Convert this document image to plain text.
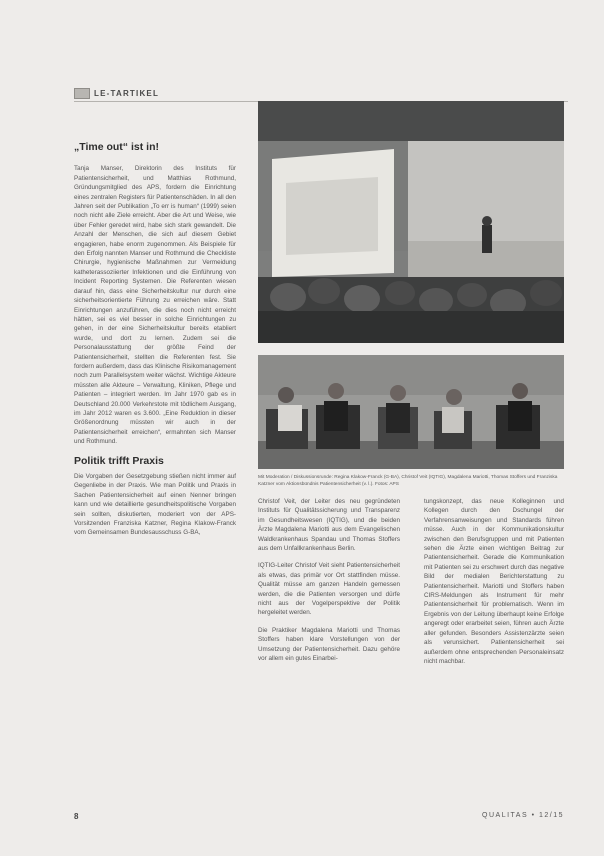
LE-TARTIKEL
„Time out“ ist in!

Tanja Manser, Direktorin des Instituts für Patientensicherheit, und Matthias Rothmund, Gründungsmitglied des APS, fordern die Einrichtung eines zentralen Registers für Patientenschäden. In all den Jahren seit der Publikation „To err is human“ (1999) seien noch nicht alle Ziele erreicht. Aber die Art und Weise, wie über Fehler geredet wird, habe sich stark gewandelt. Die Anzahl der Menschen, die sich auf diesem Gebiet engagieren, habe enorm zugenommen. Als Beispiele für den Erfolg nannten Manser und Rothmund die Checkliste Chirurgie, hygienische Maßnahmen zur Vermeidung katheterassoziierter Infektionen und die Einführung von Incident Reporting Systemen. Die Referenten wiesen darauf hin, dass eine Sicherheitskultur nur durch eine sicherheitsorientierte Führung zu erreichen wäre. Statt Einrichtungen anzuführen, die dies noch nicht erreicht hätten, sei es viel besser in solche Einrichtungen zu gehen, in der eine Sicherheitskultur bereits etabliert wurde, und dort zu lernen. Zudem sei die Personalausstattung der größte Feind der Patientensicherheit, stellten die Referenten fest. Sie fordern außerdem, dass das Klinische Risikomanagement noch zum Parallelsystem weiter wächst. Wichtige Akteure müssten alle Akteure – Verwaltung, Kliniken, Pflege und Patienten – integriert werden. Im Jahr 1970 gab es in Deutschland 20.000 Verkehrstote mit tödlichem Ausgang, im Jahr 2012 waren es 3.600. „Eine Reduktion in dieser Größenordnung müssten wir auch in der Patientensicherheit erreichen“, ermahnten sich Manser und Rothmund.

Politik trifft Praxis

Die Vorgaben der Gesetzgebung stießen nicht immer auf Gegenliebe in der Praxis. Wie man Politik und Praxis in Sachen Patientensicherheit auf einen Nenner bringen kann und wie detaillierte gesundheitspolitische Vorgaben sein sollten, diskutierten, moderiert von der APS-Vorsitzenden Franziska Katzner, Regina Klakow-Franck vom Gemeinsamen Bundesausschuss G-BA,

Mit Moderation / Diskussionsrunde: Regina Klakow-Franck (G-BA), Christof Veit (IQTIG), Magdalena Mariotti, Thomas Stoffers und Franziska Katzner vom Aktionsbündnis Patientensicherheit (v. l.). Fotos: APS

Christof Veit, der Leiter des neu gegründeten Instituts für Qualitätssicherung und Transparenz im Gesundheitswesen (IQTIG), und die beiden Ärzte Magdalena Mariotti aus dem Evangelischen Waldkrankenhaus Spandau und Thomas Stoffers aus dem Unfallkrankenhaus Berlin.

IQTIG-Leiter Christof Veit sieht Patientensicherheit als etwas, das primär vor Ort stattfinden müsse. Qualität müsse am ganzen Handeln gemessen werden, die die Patienten versorgen und dürfe nicht aus der Vogelperspektive der Politik hergeleitet werden.

Die Praktiker Magdalena Mariotti und Thomas Stoffers haben klare Vorstellungen von der Umsetzung der Patientensicherheit. Dazu gehöre vor allem ein gutes Einarbei-

tungskonzept, das neue Kolleginnen und Kollegen durch den Dschungel der Verfahrensanweisungen und Standards führen müsse. Auch in der Kommunikationskultur zwischen den Berufsgruppen und mit Patienten sehen die Ärzte einen wichtigen Beitrag zur Patientensicherheit. Gerade die Kommunikation mit Patienten sei zu erschwert durch das negative Bild der medialen Berichterstattung zu Patientensicherheit. Mariotti und Stoffers haben CIRS-Meldungen als Instrument für mehr Patientensicherheit für problematisch. Wenn im Ergebnis von der Leitung überhaupt keine Erfolge angeregt oder erarbeitet seien, führen auch Ärzte aller gefunden. Besonders Assistenzärzte seien als verunsichert. Patientensicherheit sei außerdem ohne entsprechenden Personaleinsatz nicht machbar.

8	QUALITAS • 12/15
